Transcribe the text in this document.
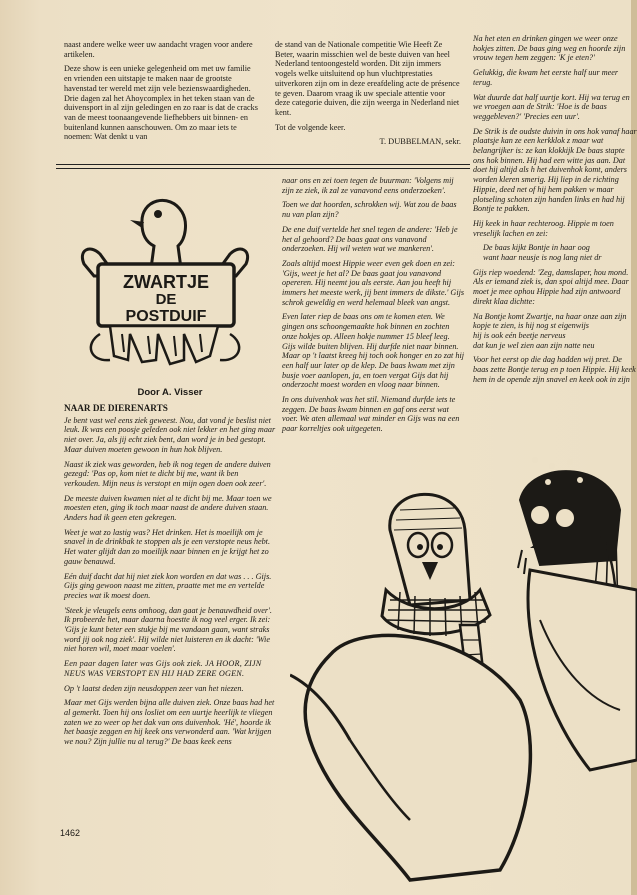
naast andere welke weer uw aandacht vragen voor andere artikelen.

Deze show is een unieke gelegenheid om met uw familie en vrienden een uitstapje te maken naar de grootste havenstad ter wereld met zijn vele bezienswaardigheden. Drie dagen zal het Ahoycomplex in het teken staan van de duivensport in al zijn geledingen en zo raar is dat de cracks van de meest toonaangevende liefhebbers uit binnen- en buitenland kunnen aanschouwen. Om zo maar iets te noemen: Wat denkt u van

de stand van de Nationale competitie Wie Heeft Ze Beter, waarin misschien wel de beste duiven van heel Nederland tentoongesteld worden. Dit zijn immers vogels welke uitsluitend op hun vluchtprestaties uitverkoren zijn om in deze ereafdeling acte de présence te geven. Daarom vraag ik uw speciale attentie voor deze categorie duiven, die zijn weerga in Nederland niet kent.

Tot de volgende keer.

T. DUBBELMAN, sekr.

Na het eten en drinken gingen we weer onze hokjes zitten. De baas ging weg en hoorde zijn vrouw tegen hem zeggen: 'K je eten?'

Gelukkig, die kwam het eerste half uur meer terug.

Wat duurde dat half uurtje kort. Hij wa terug en we vroegen aan de Strik: 'Hoe is de baas weggebleven?' 'Precies een uur'.

De Strik is de oudste duivin in ons hok vanaf haar plaatsje kan ze een kerkklok z maar wat belangrijker is: ze kan klokkijk De baas stapte ons hok binnen. Hij had een witte jas aan. Dat doet hij altijd als h het duivenhok komt, anders worden kleren smerig. Hij liep in de richting Hippie, deed net of hij hem pakken w maar plotseling schoten zijn handen links en had hij Bontje te pakken.

Hij keek in haar rechteroog. Hippie m toen vreselijk lachen en zei:

De baas kijkt Bontje in haar oog
want haar neusje is nog lang niet dr

Gijs riep woedend: 'Zeg, damslaper, hou mond. Als er iemand ziek is, dan spoi altijd mee. Daar moet je mee ophou Hippie had zijn antwoord direkt klaa dichtte:

Na Bontje komt Zwartje, na haar onze aan zijn kopje te zien, is hij nog st eigenwijs
hij is ook eén beetje nerveus
dat kun je wel zien aan zijn natte neu

Voor het eerst op die dag hadden wij pret. De baas zette Bontje terug en p toen Hippie. Hij keek hem in de opende zijn snavel en keek ook in zijn

ZWARTJE
DE
POSTDUIF
Door A. Visser

naar ons en zei toen tegen de buurman: 'Volgens mij zijn ze ziek, ik zal ze vanavond eens onderzoeken'.

Toen we dat hoorden, schrokken wij. Wat zou de baas nu van plan zijn?

De ene duif vertelde het snel tegen de andere: 'Heb je het al gehoord? De baas gaat ons vanavond onderzoeken. Hij wil weten wat we mankeren'.

Zoals altijd moest Hippie weer even gek doen en zei: 'Gijs, weet je het al? De baas gaat jou vanavond opereren. Hij neemt jou als eerste. Aan jou heeft hij immers het meeste werk, jij bent immers de dikste.' Gijs schrok geweldig en werd helemaal bleek van angst.

Even later riep de baas ons om te komen eten. We gingen ons schoongemaakte hok binnen en zochten onze hokjes op. Alleen hokje nummer 15 bleef leeg. Gijs wilde buiten blijven. Hij durfde niet naar binnen. Maar op 't laatst kreeg hij toch ook honger en zo zat hij een half uur later op de klep. De baas kwam met zijn busje voer aanlopen, ja, en toen vergat Gijs dat hij onderzocht moest worden en vloog naar binnen.

In ons duivenhok was het stil. Niemand durfde iets te zeggen. De baas kwam binnen en gaf ons eerst wat voer. We aten allemaal wat minder en Gijs was na een paar korreltjes ook uitgegeten.

NAAR DE DIERENARTS

Je bent vast wel eens ziek geweest. Nou, dat vond je beslist niet leuk. Ik was een poosje geleden ook niet lekker en het ging maar niet over. Ja, als jij echt ziek bent, dan word je in bed gestopt. Maar duiven moeten gewoon in hun hok blijven.

Naast ik ziek was geworden, heb ik nog tegen de andere duiven gezegd: 'Pas op, kom niet te dicht bij me, want ik ben verkouden. Mijn neus is verstopt en mijn ogen doen ook zeer'.

De meeste duiven kwamen niet al te dicht bij me. Maar toen we moesten eten, ging ik toch maar naast de andere duiven staan. Anders had ik geen eten gekregen.

Weet je wat zo lastig was? Het drinken. Het is moeilijk om je snavel in de drinkbak te stoppen als je een verstopte neus hebt. Het water glijdt dan zo moeilijk naar binnen en je krijgt het zo gauw benauwd.

Eén duif dacht dat hij niet ziek kon worden en dat was . . . Gijs. Gijs ging gewoon naast me zitten, praatte met me en vertelde precies wat ik moest doen.

'Steek je vleugels eens omhoog, dan gaat je benauwdheid over'. Ik probeerde het, maar daarna hoestte ik nog veel erger. Ik zei: 'Gijs je kunt beter een stukje bij me vandaan gaan, want straks word jij ook nog ziek'. Hij wilde niet luisteren en ik dacht: 'Wie niet horen wil, moet maar voelen'.

Een paar dagen later was Gijs ook ziek. JA HOOR, ZIJN NEUS WAS VERSTOPT EN HIJ HAD ZERE OGEN.

Op 't laatst deden zijn neusdoppen zeer van het niezen.

Maar met Gijs werden bijna alle duiven ziek. Onze baas had het al gemerkt. Toen hij ons losliet om een uurtje heerlijk te vliegen zaten we zo weer op het dak van ons duivenhok. 'Hé', hoorde ik het baasje zeggen en hij keek ons verwonderd aan. 'Wat krijgen we nou? Zijn jullie nu al terug?' De baas keek eens

1462
